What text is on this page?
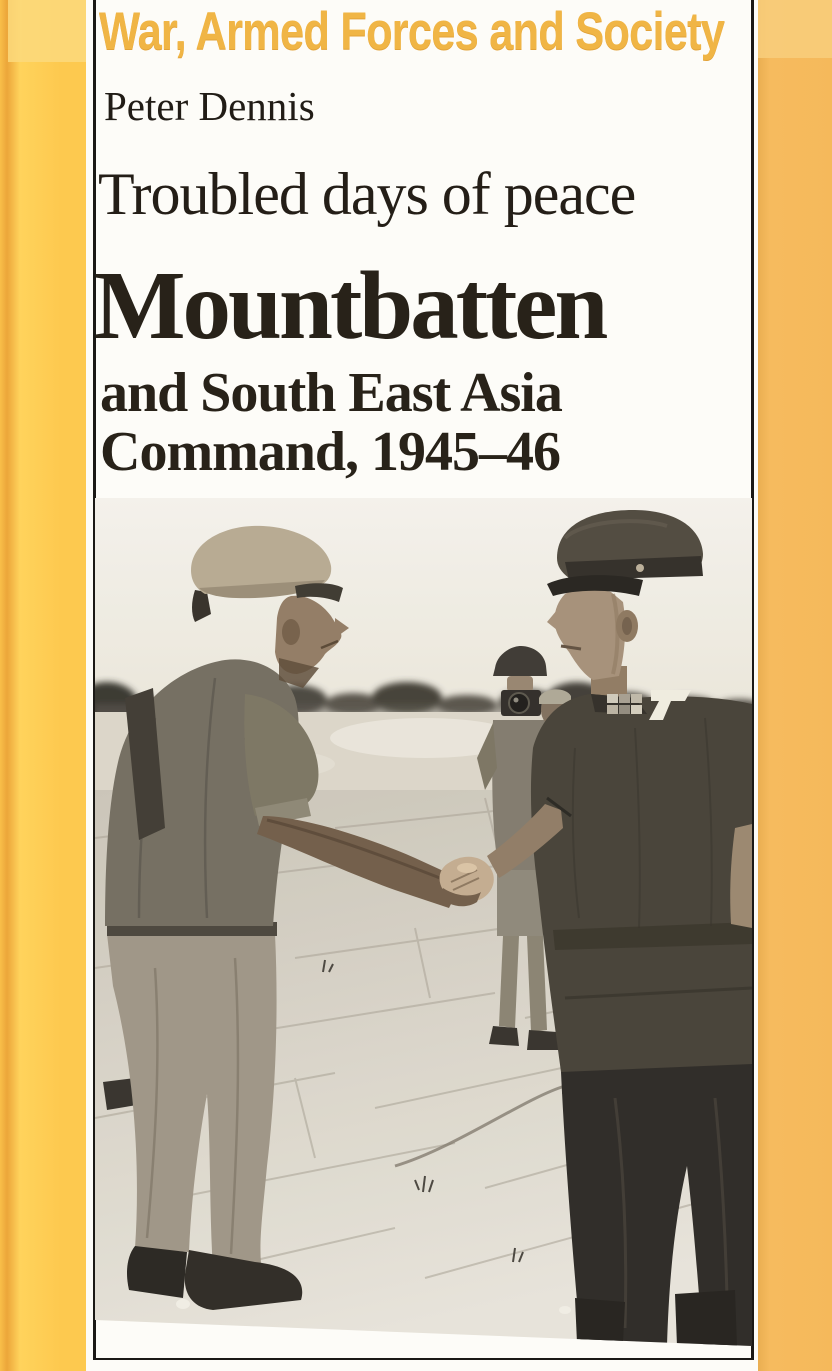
War, Armed Forces and Society
Peter Dennis
Troubled days of peace
Mountbatten
and South East Asia
Command, 1945–46
